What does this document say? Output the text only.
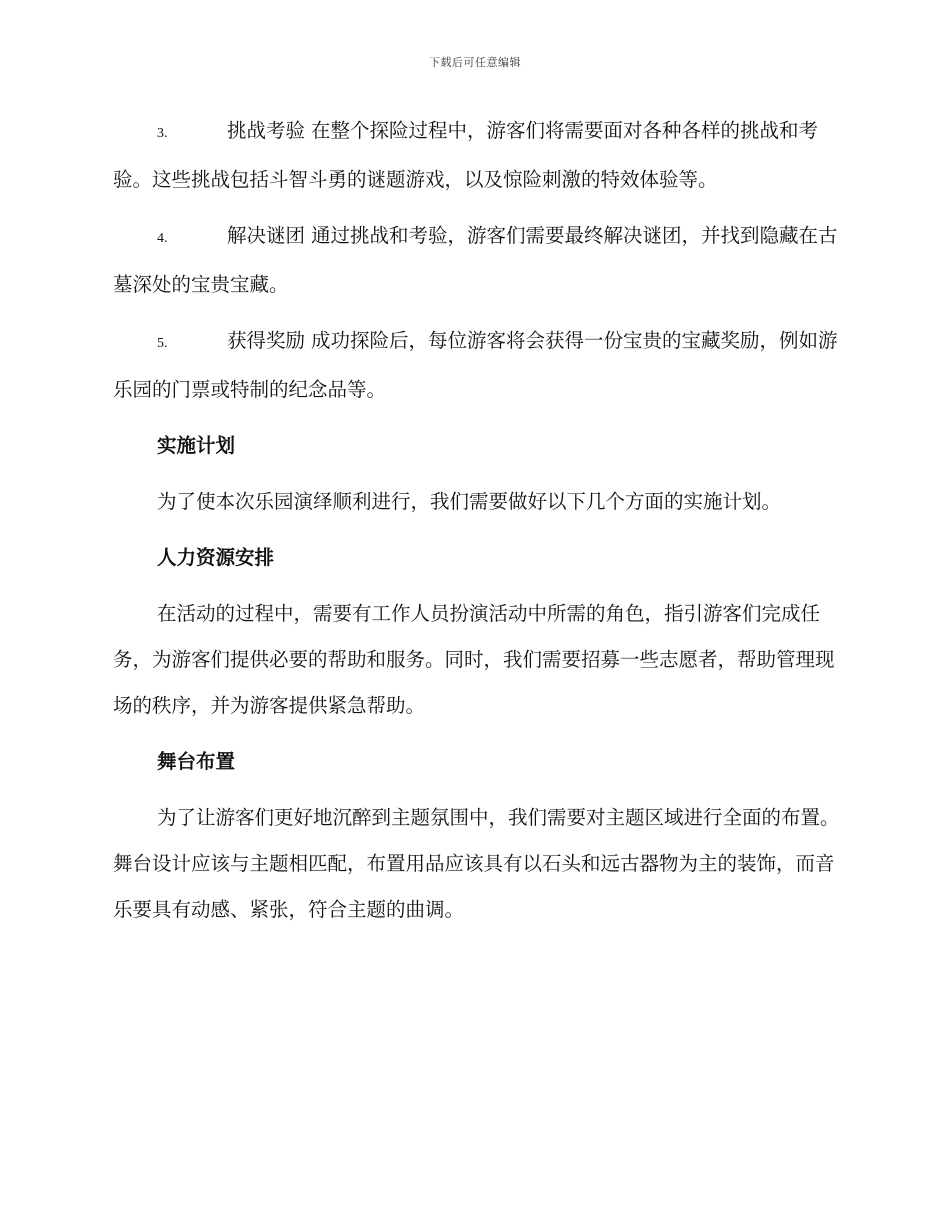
下载后可任意编辑
3.	挑战考验 在整个探险过程中，游客们将需要面对各种各样的挑战和考验。这些挑战包括斗智斗勇的谜题游戏，以及惊险刺激的特效体验等。
4.	解决谜团 通过挑战和考验，游客们需要最终解决谜团，并找到隐藏在古墓深处的宝贵宝藏。
5.	获得奖励 成功探险后，每位游客将会获得一份宝贵的宝藏奖励，例如游乐园的门票或特制的纪念品等。
实施计划
为了使本次乐园演绎顺利进行，我们需要做好以下几个方面的实施计划。
人力资源安排
在活动的过程中，需要有工作人员扮演活动中所需的角色，指引游客们完成任务，为游客们提供必要的帮助和服务。同时，我们需要招募一些志愿者，帮助管理现场的秩序，并为游客提供紧急帮助。
舞台布置
为了让游客们更好地沉醉到主题氛围中，我们需要对主题区域进行全面的布置。舞台设计应该与主题相匹配，布置用品应该具有以石头和远古器物为主的装饰，而音乐要具有动感、紧张，符合主题的曲调。
